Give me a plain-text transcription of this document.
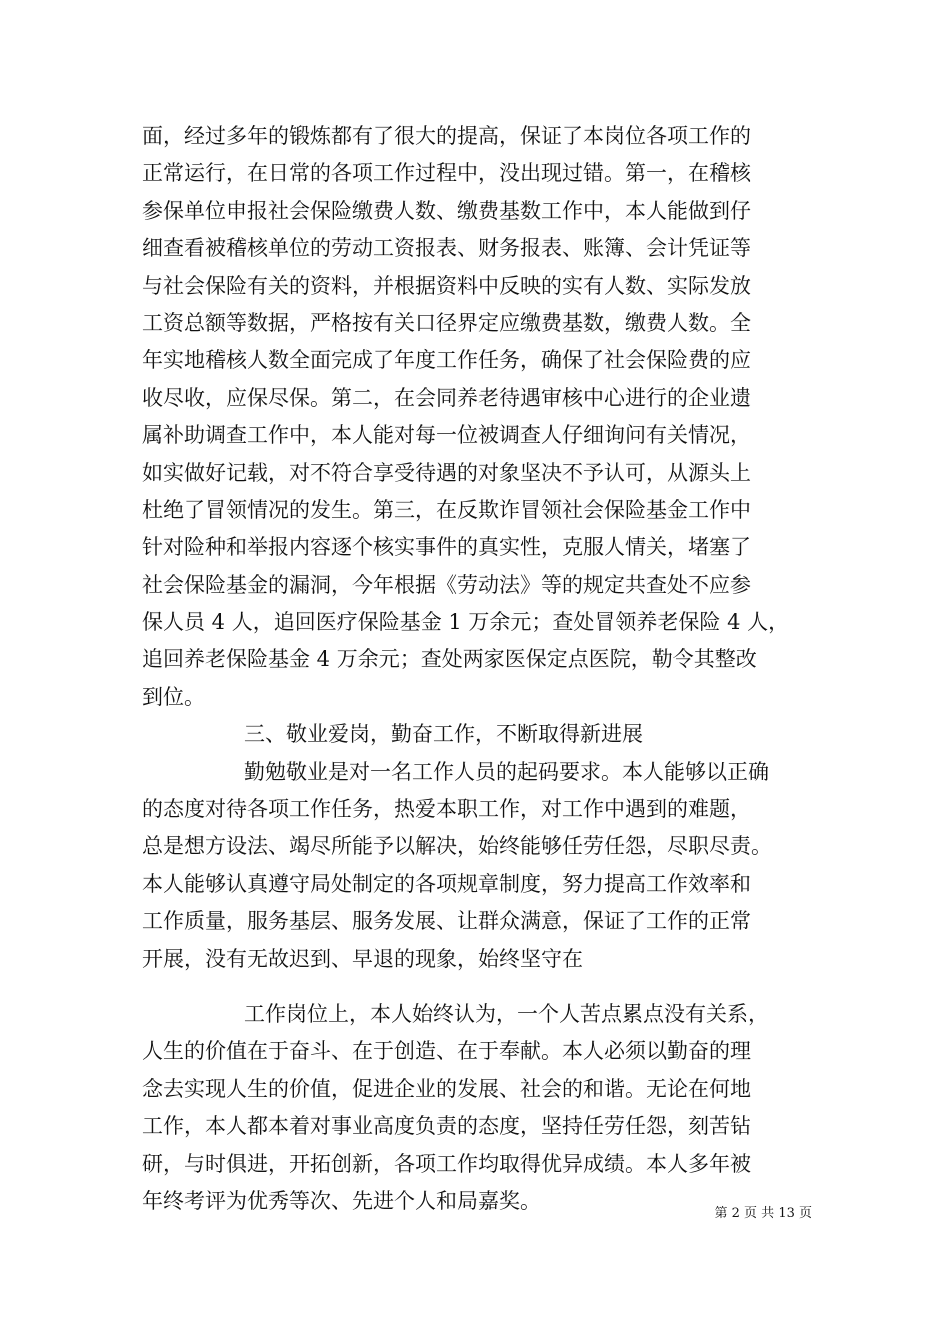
面，经过多年的锻炼都有了很大的提高，保证了本岗位各项工作的
正常运行，在日常的各项工作过程中，没出现过错。第一，在稽核
参保单位申报社会保险缴费人数、缴费基数工作中，本人能做到仔
细查看被稽核单位的劳动工资报表、财务报表、账簿、会计凭证等
与社会保险有关的资料，并根据资料中反映的实有人数、实际发放
工资总额等数据，严格按有关口径界定应缴费基数，缴费人数。全
年实地稽核人数全面完成了年度工作任务，确保了社会保险费的应
收尽收，应保尽保。第二，在会同养老待遇审核中心进行的企业遗
属补助调查工作中，本人能对每一位被调查人仔细询问有关情况，
如实做好记载，对不符合享受待遇的对象坚决不予认可，从源头上
杜绝了冒领情况的发生。第三，在反欺诈冒领社会保险基金工作中
针对险种和举报内容逐个核实事件的真实性，克服人情关，堵塞了
社会保险基金的漏洞，今年根据《劳动法》等的规定共查处不应参
保人员 4 人，追回医疗保险基金 1 万余元；查处冒领养老保险 4 人，
追回养老保险基金 4 万余元；查处两家医保定点医院，勒令其整改
到位。
三、敬业爱岗，勤奋工作，不断取得新进展
勤勉敬业是对一名工作人员的起码要求。本人能够以正确
的态度对待各项工作任务，热爱本职工作，对工作中遇到的难题，
总是想方设法、竭尽所能予以解决，始终能够任劳任怨，尽职尽责。
本人能够认真遵守局处制定的各项规章制度，努力提高工作效率和
工作质量，服务基层、服务发展、让群众满意，保证了工作的正常
开展，没有无故迟到、早退的现象，始终坚守在
工作岗位上，本人始终认为，一个人苦点累点没有关系，
人生的价值在于奋斗、在于创造、在于奉献。本人必须以勤奋的理
念去实现人生的价值，促进企业的发展、社会的和谐。无论在何地
工作，本人都本着对事业高度负责的态度，坚持任劳任怨，刻苦钻
研，与时俱进，开拓创新，各项工作均取得优异成绩。本人多年被
年终考评为优秀等次、先进个人和局嘉奖。
第 2 页 共 13 页
